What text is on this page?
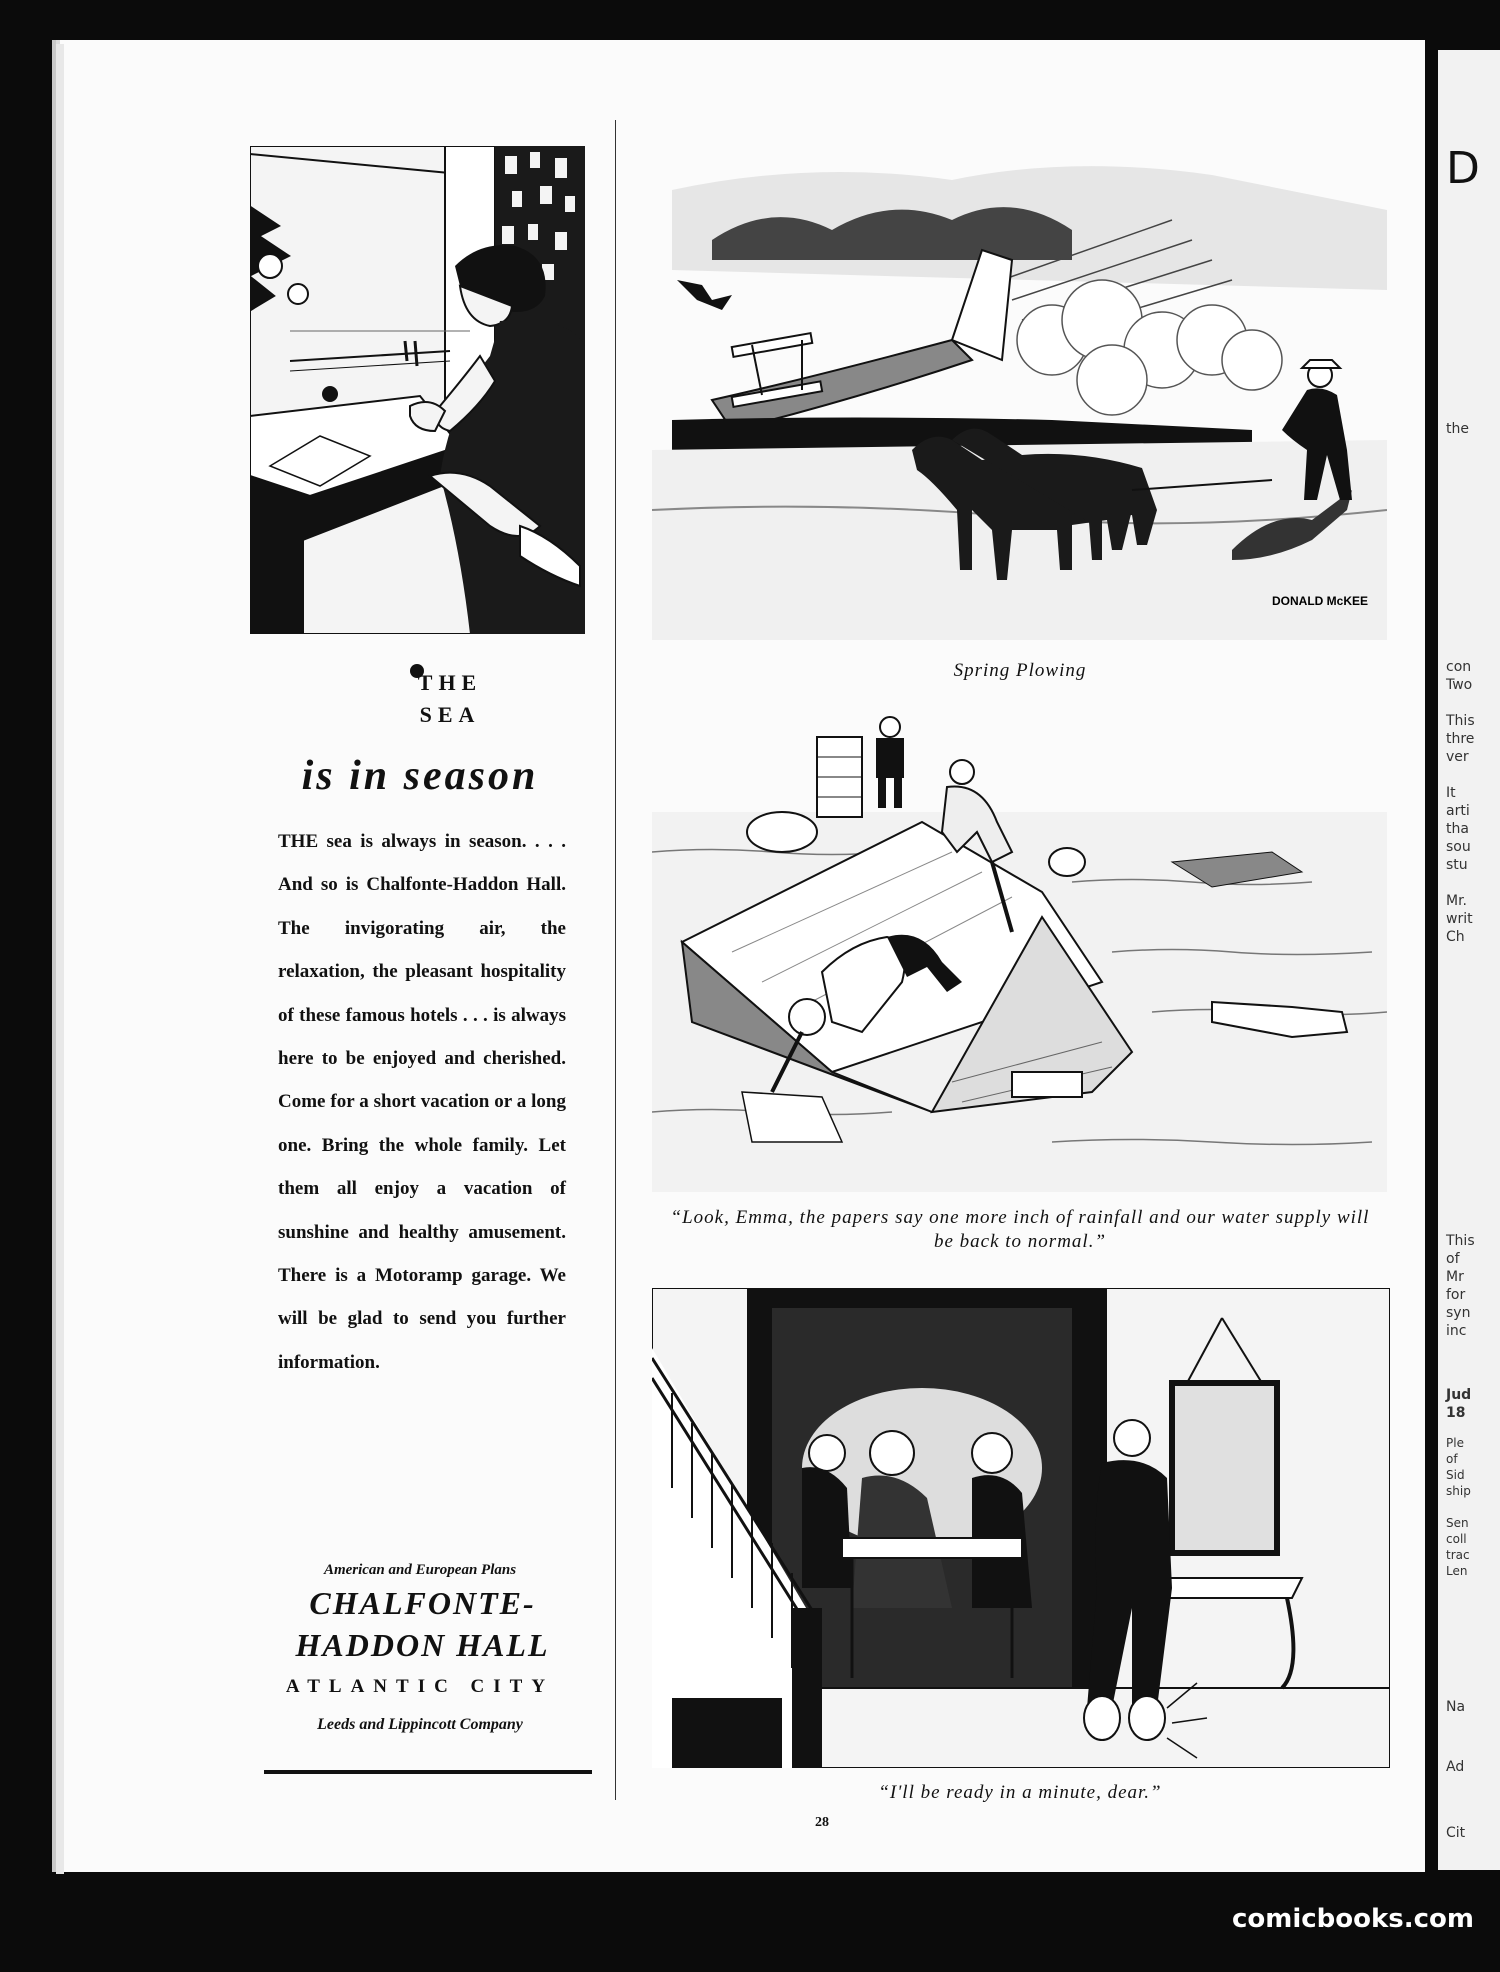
D
the
con
Two
This
thre
ver
It
arti
tha
sou
stu
Mr.
writ
Ch
This
of
Mr
for
syn
inc
Jud
18
Ple
of
Sid
ship
Sen
coll
trac
Len
Na
Ad
Cit
THE
SEA
is in season
THE sea is always in season. . . . And so is Chalfonte-Haddon Hall. The invigorating air, the relaxation, the pleasant hospitality of these famous hotels . . . is always here to be enjoyed and cherished. Come for a short vacation or a long one. Bring the whole family. Let them all enjoy a vacation of sunshine and healthy amusement. There is a Motoramp garage. We will be glad to send you further information.
American and European Plans
CHALFONTE-
HADDON HALL
ATLANTIC CITY
Leeds and Lippincott Company
DONALD McKEE
Spring Plowing
“Look, Emma, the papers say one more inch of rainfall and our water supply will be back to normal.”
“I'll be ready in a minute, dear.”
28
comicbooks.com
